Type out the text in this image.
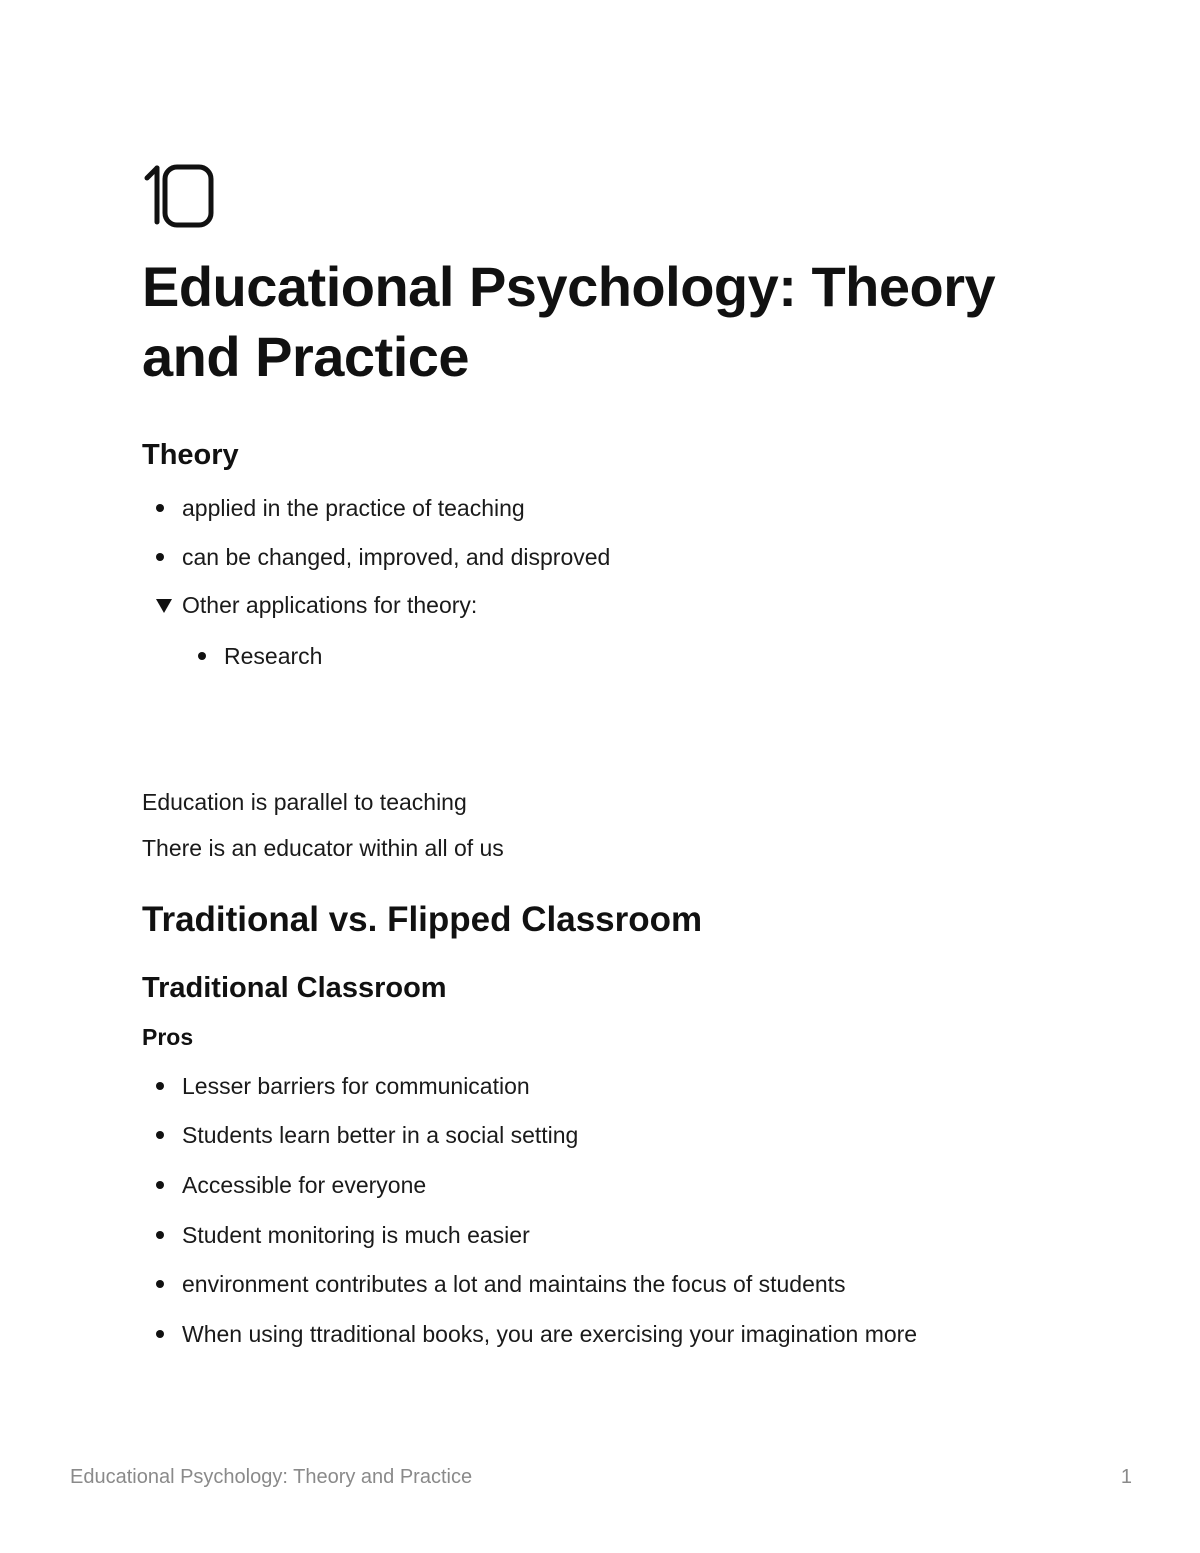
Educational Psychology: Theory and Practice
Theory
applied in the practice of teaching
can be changed, improved, and disproved
Other applications for theory:
Research

Education is parallel to teaching

There is an educator within all of us

Traditional vs. Flipped Classroom
Traditional Classroom
Pros
Lesser barriers for communication
Students learn better in a social setting
Accessible for everyone
Student monitoring is much easier
environment contributes a lot and maintains the focus of students
When using ttraditional books, you are exercising your imagination more
Educational Psychology: Theory and Practice	1
